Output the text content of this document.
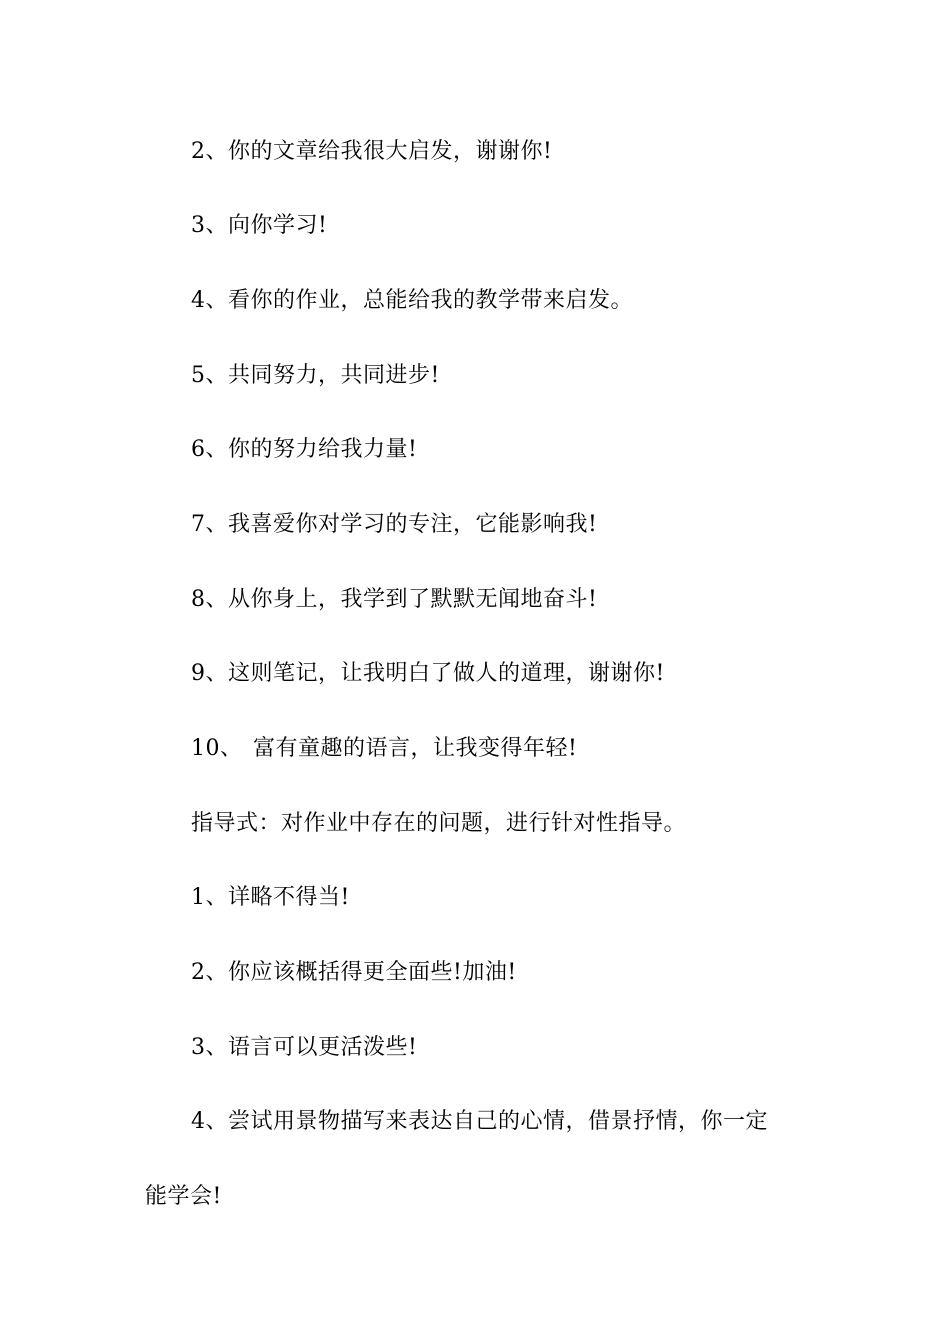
2、你的文章给我很大启发，谢谢你!
3、向你学习!
4、看你的作业，总能给我的教学带来启发。
5、共同努力，共同进步!
6、你的努力给我力量!
7、我喜爱你对学习的专注，它能影响我!
8、从你身上，我学到了默默无闻地奋斗!
9、这则笔记，让我明白了做人的道理，谢谢你!
10、 富有童趣的语言，让我变得年轻!
指导式：对作业中存在的问题，进行针对性指导。
1、详略不得当!
2、你应该概括得更全面些!加油!
3、语言可以更活泼些!
4、尝试用景物描写来表达自己的心情，借景抒情，你一定
能学会!
